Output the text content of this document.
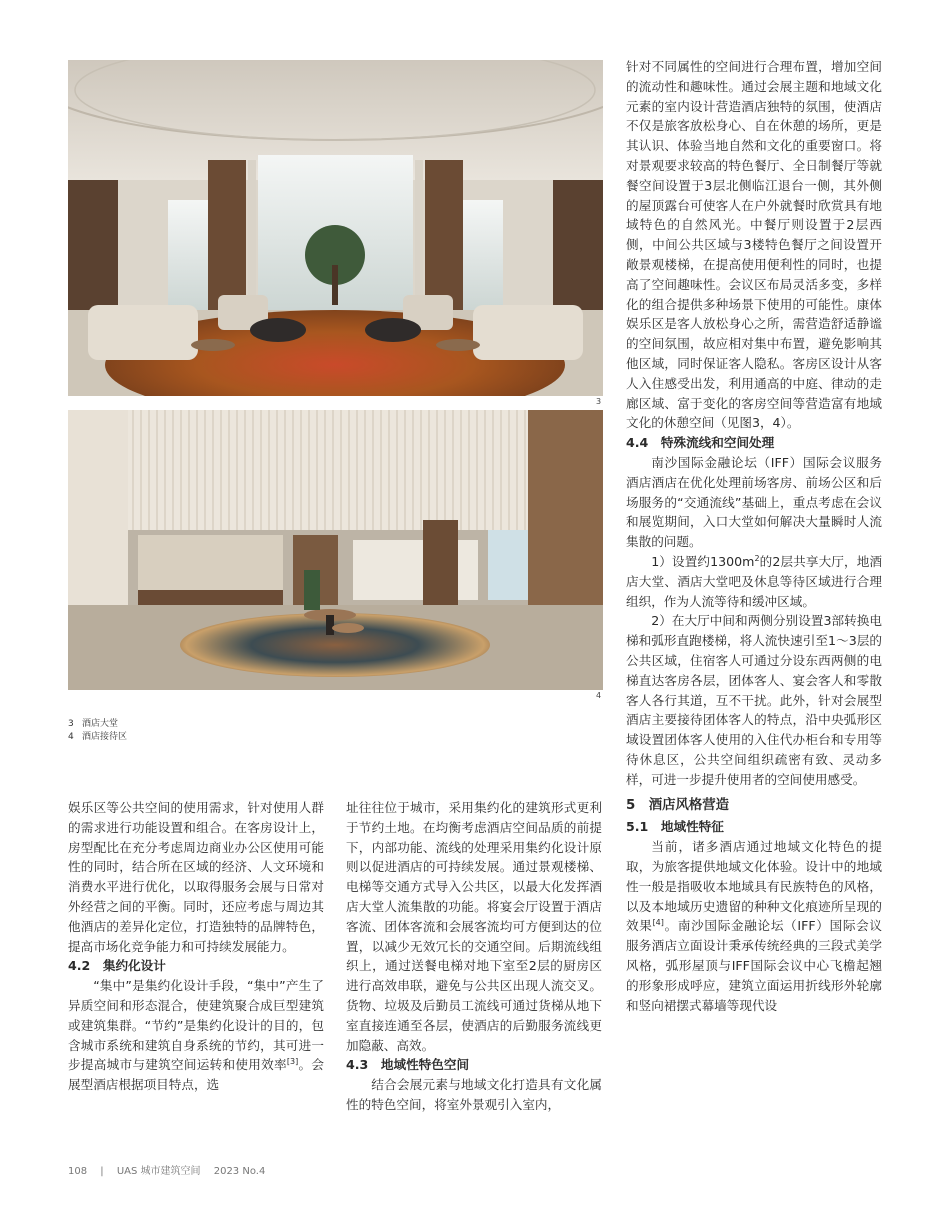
3
4
3 酒店大堂
4 酒店接待区

娱乐区等公共空间的使用需求，针对使用人群的需求进行功能设置和组合。在客房设计上，房型配比在充分考虑周边商业办公区使用可能性的同时，结合所在区域的经济、人文环境和消费水平进行优化，以取得服务会展与日常对外经营之间的平衡。同时，还应考虑与周边其他酒店的差异化定位，打造独特的品牌特色，提高市场化竞争能力和可持续发展能力。

4.2　集约化设计

“集中”是集约化设计手段，“集中”产生了异质空间和形态混合，使建筑聚合成巨型建筑或建筑集群。“节约”是集约化设计的目的，包含城市系统和建筑自身系统的节约，其可进一步提高城市与建筑空间运转和使用效率[3]。会展型酒店根据项目特点，选

址往往位于城市，采用集约化的建筑形式更利于节约土地。在均衡考虑酒店空间品质的前提下，内部功能、流线的处理采用集约化设计原则以促进酒店的可持续发展。通过景观楼梯、电梯等交通方式导入公共区，以最大化发挥酒店大堂人流集散的功能。将宴会厅设置于酒店客流、团体客流和会展客流均可方便到达的位置，以减少无效冗长的交通空间。后期流线组织上，通过送餐电梯对地下室至2层的厨房区进行高效串联，避免与公共区出现人流交叉。货物、垃圾及后勤员工流线可通过货梯从地下室直接连通至各层，使酒店的后勤服务流线更加隐蔽、高效。

4.3　地域性特色空间

结合会展元素与地域文化打造具有文化属性的特色空间，将室外景观引入室内，

针对不同属性的空间进行合理布置，增加空间的流动性和趣味性。通过会展主题和地域文化元素的室内设计营造酒店独特的氛围，使酒店不仅是旅客放松身心、自在休憩的场所，更是其认识、体验当地自然和文化的重要窗口。将对景观要求较高的特色餐厅、全日制餐厅等就餐空间设置于3层北侧临江退台一侧，其外侧的屋顶露台可使客人在户外就餐时欣赏具有地域特色的自然风光。中餐厅则设置于2层西侧，中间公共区域与3楼特色餐厅之间设置开敞景观楼梯，在提高使用便利性的同时，也提高了空间趣味性。会议区布局灵活多变，多样化的组合提供多种场景下使用的可能性。康体娱乐区是客人放松身心之所，需营造舒适静谧的空间氛围，故应相对集中布置，避免影响其他区域，同时保证客人隐私。客房区设计从客人入住感受出发，利用通高的中庭、律动的走廊区域、富于变化的客房空间等营造富有地域文化的休憩空间（见图3，4）。

4.4　特殊流线和空间处理

南沙国际金融论坛（IFF）国际会议服务酒店酒店在优化处理前场客房、前场公区和后场服务的“交通流线”基础上，重点考虑在会议和展览期间，入口大堂如何解决大量瞬时人流集散的问题。

1）设置约$1300m^2$的2层共享大厅，地酒店大堂、酒店大堂吧及休息等待区域进行合理组织，作为人流等待和缓冲区域。

2）在大厅中间和两侧分别设置3部转换电梯和弧形直跑楼梯，将人流快速引至1～3层的公共区域，住宿客人可通过分设东西两侧的电梯直达客房各层，团体客人、宴会客人和零散客人各行其道，互不干扰。此外，针对会展型酒店主要接待团体客人的特点，沿中央弧形区域设置团体客人使用的入住代办柜台和专用等待休息区，公共空间组织疏密有致、灵动多样，可进一步提升使用者的空间使用感受。

5　酒店风格营造
5.1　地域性特征

当前，诸多酒店通过地域文化特色的提取，为旅客提供地域文化体验。设计中的地域性一般是指吸收本地域具有民族特色的风格，以及本地域历史遗留的种种文化痕迹所呈现的效果[4]。南沙国际金融论坛（IFF）国际会议服务酒店立面设计秉承传统经典的三段式美学风格，弧形屋顶与IFF国际会议中心飞檐起翘的形象形成呼应，建筑立面运用折线形外轮廓和竖向裙摆式幕墙等现代设

108 | UAS 城市建筑空间 2023 No.4
